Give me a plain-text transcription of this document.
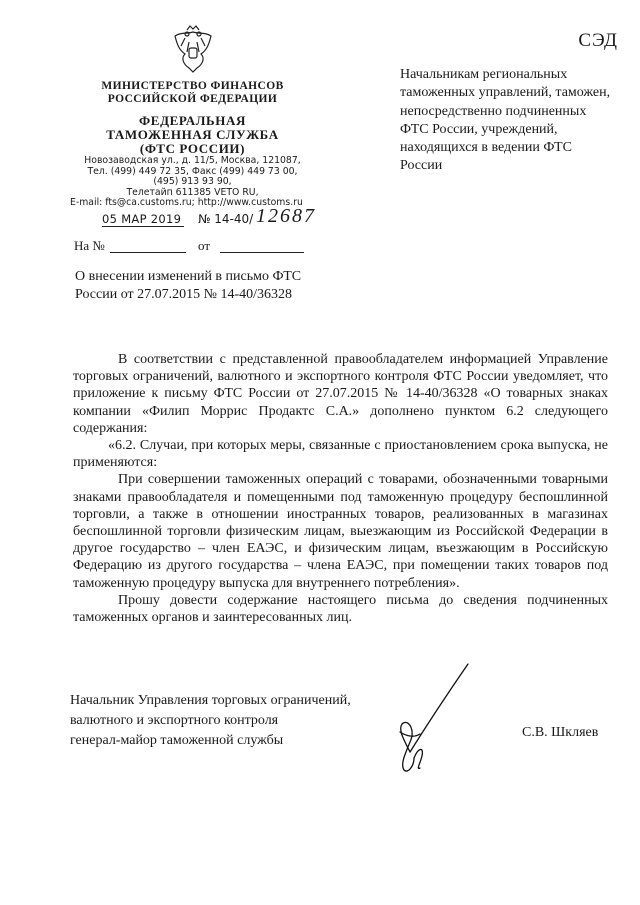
СЭД
МИНИСТЕРСТВО ФИНАНСОВ
РОССИЙСКОЙ ФЕДЕРАЦИИ
ФЕДЕРАЛЬНАЯ
ТАМОЖЕННАЯ СЛУЖБА
(ФТС РОССИИ)
Новозаводская ул., д. 11/5, Москва, 121087,
Тел. (499) 449 72 35, Факс (499) 449 73 00,
(495) 913 93 90,
Телетайп 611385 VETO RU,
E-mail: fts@ca.customs.ru; http://www.customs.ru
05 МАР 2019 № 14-40/ 12687
На №	от
Начальникам региональных таможенных управлений, таможен, непосредственно подчиненных ФТС России, учреждений, находящихся в ведении ФТС России
О внесении изменений в письмо ФТС России от 27.07.2015 № 14-40/36328

В соответствии с представленной правообладателем информацией Управление торговых ограничений, валютного и экспортного контроля ФТС России уведомляет, что приложение к письму ФТС России от 27.07.2015 № 14-40/36328 «О товарных знаках компании «Филип Моррис Продактс С.А.» дополнено пунктом 6.2 следующего содержания:

«6.2. Случаи, при которых меры, связанные с приостановлением срока выпуска, не применяются:

При совершении таможенных операций с товарами, обозначенными товарными знаками правообладателя и помещенными под таможенную процедуру беспошлинной торговли, а также в отношении иностранных товаров, реализованных в магазинах беспошлинной торговли физическим лицам, выезжающим из Российской Федерации в другое государство – член ЕАЭС, и физическим лицам, въезжающим в Российскую Федерацию из другого государства – члена ЕАЭС, при помещении таких товаров под таможенную процедуру выпуска для внутреннего потребления».

Прошу довести содержание настоящего письма до сведения подчиненных таможенных органов и заинтересованных лиц.

Начальник Управления торговых ограничений,
валютного и экспортного контроля
генерал-майор таможенной службы
С.В. Шкляев
